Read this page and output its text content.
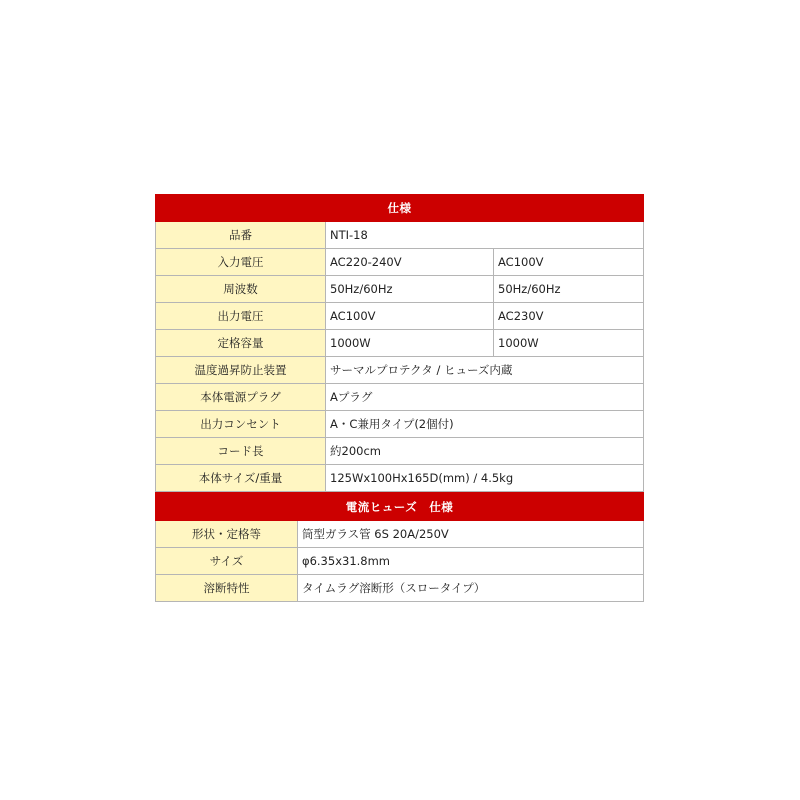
仕様		
品番	NTI-18	
入力電圧	AC220-240V	AC100V
周波数	50Hz/60Hz	50Hz/60Hz
出力電圧	AC100V	AC230V
定格容量	1000W	1000W
温度過昇防止装置	サーマルプロテクタ / ヒューズ内蔵	
本体電源プラグ	Aプラグ	
出力コンセント	A・C兼用タイプ(2個付)	
コード長	約200cm	
本体サイズ/重量	125Wx100Hx165D(mm) / 4.5kg	
電流ヒューズ　仕様	
形状・定格等	筒型ガラス管 6S 20A/250V
サイズ	φ6.35x31.8mm
溶断特性	タイムラグ溶断形（スロータイプ）
